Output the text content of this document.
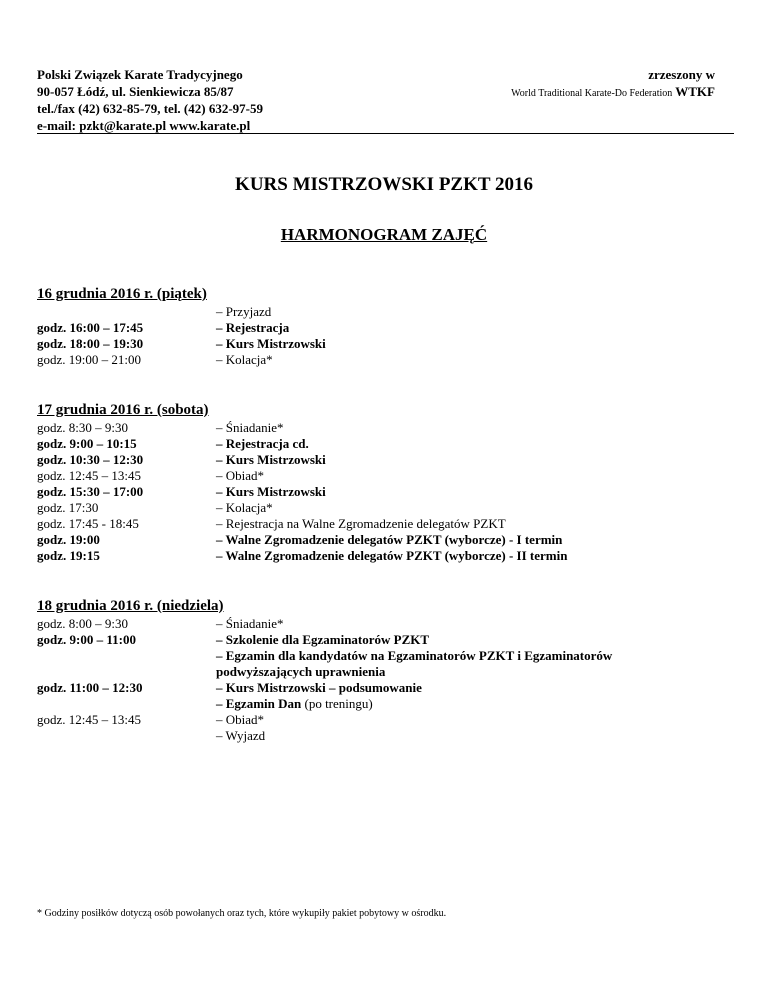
Polski Związek Karate Tradycyjnego
90-057 Łódź, ul. Sienkiewicza 85/87
tel./fax (42) 632-85-79, tel. (42) 632-97-59
e-mail: pzkt@karate.pl www.karate.pl
zrzeszony w
World Traditional Karate-Do Federation WTKF
KURS MISTRZOWSKI PZKT 2016
HARMONOGRAM ZAJĘĆ
16 grudnia 2016 r. (piątek)
– Przyjazd
godz. 16:00 – 17:45	– Rejestracja
godz. 18:00 – 19:30	– Kurs Mistrzowski
godz. 19:00 – 21:00	– Kolacja*
17 grudnia 2016 r. (sobota)
godz. 8:30 – 9:30	– Śniadanie*
godz. 9:00 – 10:15	– Rejestracja cd.
godz. 10:30 – 12:30	– Kurs Mistrzowski
godz. 12:45 – 13:45	– Obiad*
godz. 15:30 – 17:00	– Kurs Mistrzowski
godz. 17:30	– Kolacja*
godz. 17:45 - 18:45	– Rejestracja na Walne Zgromadzenie delegatów PZKT
godz. 19:00	– Walne Zgromadzenie delegatów PZKT (wyborcze) - I termin
godz. 19:15	– Walne Zgromadzenie delegatów PZKT (wyborcze) - II termin
18 grudnia 2016 r. (niedziela)
godz. 8:00 – 9:30	– Śniadanie*
godz. 9:00 – 11:00	– Szkolenie dla Egzaminatorów PZKT
– Egzamin dla kandydatów na Egzaminatorów PZKT i Egzaminatorów
podwyższających uprawnienia
godz. 11:00 – 12:30	– Kurs Mistrzowski – podsumowanie
– Egzamin Dan (po treningu)
godz. 12:45 – 13:45	– Obiad*
– Wyjazd
* Godziny posiłków dotyczą osób powołanych oraz tych, które wykupiły pakiet pobytowy w ośrodku.
